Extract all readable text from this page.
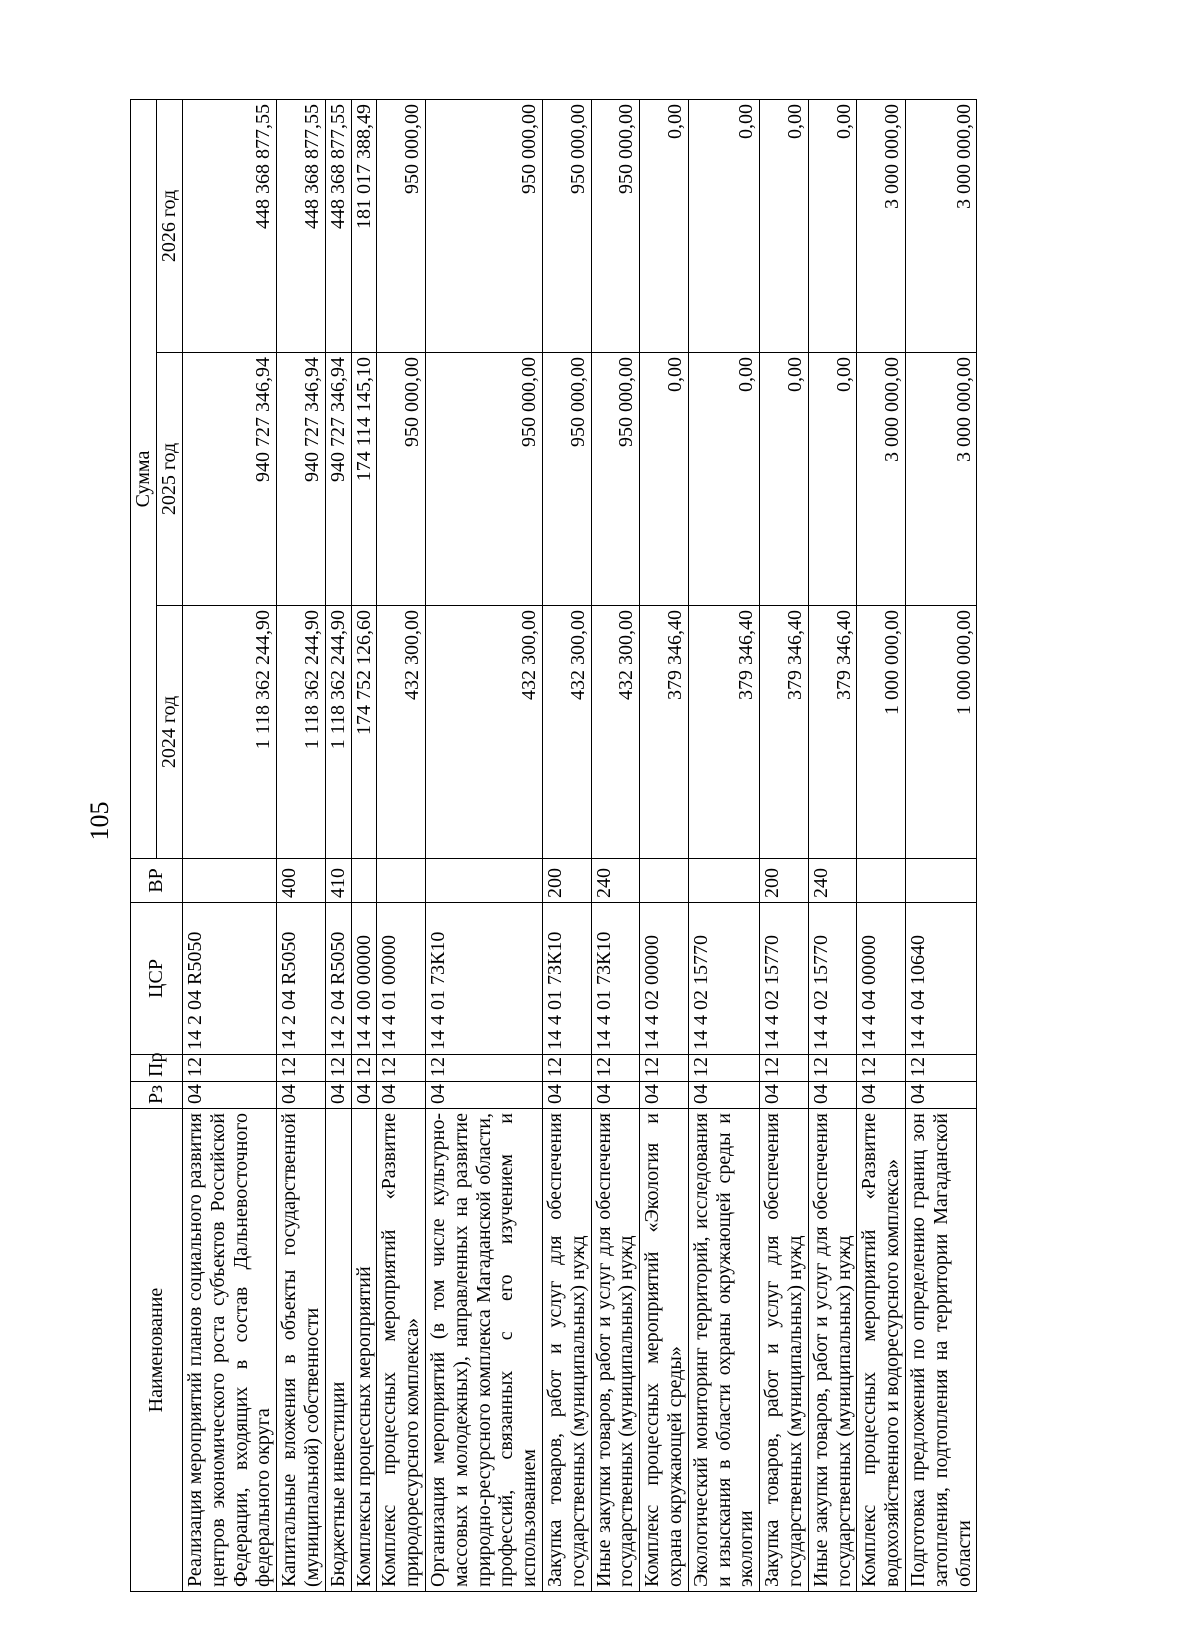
105
Наименование	Рз	Пр	ЦСР	ВР	Сумма		
					2024 год	2025 год	2026 год
Реализация мероприятий планов социального развития центров экономического роста субъектов Российской Федерации, входящих в состав Дальневосточного федерального округа	04	12	14 2 04 R5050		1 118 362 244,90	940 727 346,94	448 368 877,55
Капитальные вложения в объекты государственной (муниципальной) собственности	04	12	14 2 04 R5050	400	1 118 362 244,90	940 727 346,94	448 368 877,55
Бюджетные инвестиции	04	12	14 2 04 R5050	410	1 118 362 244,90	940 727 346,94	448 368 877,55
Комплексы процессных мероприятий	04	12	14 4 00 00000		174 752 126,60	174 114 145,10	181 017 388,49
Комплекс процессных мероприятий «Развитие природоресурсного комплекса»	04	12	14 4 01 00000		432 300,00	950 000,00	950 000,00
Организация мероприятий (в том числе культурно-массовых и молодежных), направленных на развитие природно-ресурсного комплекса Магаданской области, профессий, связанных с его изучением и использованием	04	12	14 4 01 73К10		432 300,00	950 000,00	950 000,00
Закупка товаров, работ и услуг для обеспечения государственных (муниципальных) нужд	04	12	14 4 01 73К10	200	432 300,00	950 000,00	950 000,00
Иные закупки товаров, работ и услуг для обеспечения государственных (муниципальных) нужд	04	12	14 4 01 73К10	240	432 300,00	950 000,00	950 000,00
Комплекс процессных мероприятий «Экология и охрана окружающей среды»	04	12	14 4 02 00000		379 346,40	0,00	0,00
Экологический мониторинг территорий, исследования и изыскания в области охраны окружающей среды и экологии	04	12	14 4 02 15770		379 346,40	0,00	0,00
Закупка товаров, работ и услуг для обеспечения государственных (муниципальных) нужд	04	12	14 4 02 15770	200	379 346,40	0,00	0,00
Иные закупки товаров, работ и услуг для обеспечения государственных (муниципальных) нужд	04	12	14 4 02 15770	240	379 346,40	0,00	0,00
Комплекс процессных мероприятий «Развитие водохозяйственного и водоресурсного комплекса»	04	12	14 4 04 00000		1 000 000,00	3 000 000,00	3 000 000,00
Подготовка предложений по определению границ зон затопления, подтопления на территории Магаданской области	04	12	14 4 04 10640		1 000 000,00	3 000 000,00	3 000 000,00
